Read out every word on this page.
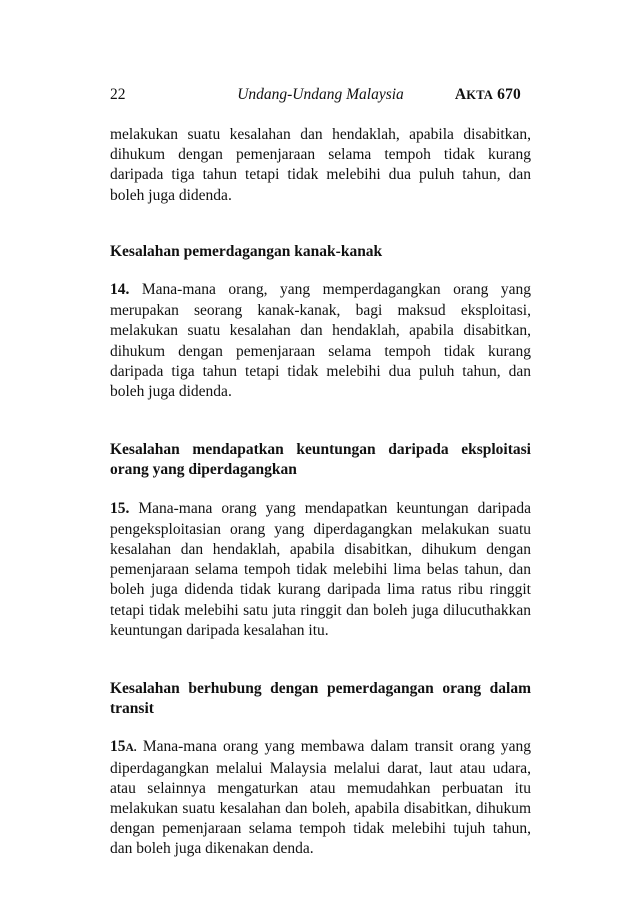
22	Undang-Undang Malaysia	AKTA 670

melakukan suatu kesalahan dan hendaklah, apabila disabitkan, dihukum dengan pemenjaraan selama tempoh tidak kurang daripada tiga tahun tetapi tidak melebihi dua puluh tahun, dan boleh juga didenda.

Kesalahan pemerdagangan kanak-kanak

14. Mana-mana orang, yang memperdagangkan orang yang merupakan seorang kanak-kanak, bagi maksud eksploitasi, melakukan suatu kesalahan dan hendaklah, apabila disabitkan, dihukum dengan pemenjaraan selama tempoh tidak kurang daripada tiga tahun tetapi tidak melebihi dua puluh tahun, dan boleh juga didenda.

Kesalahan mendapatkan keuntungan daripada eksploitasi orang yang diperdagangkan

15. Mana-mana orang yang mendapatkan keuntungan daripada pengeksploitasian orang yang diperdagangkan melakukan suatu kesalahan dan hendaklah, apabila disabitkan, dihukum dengan pemenjaraan selama tempoh tidak melebihi lima belas tahun, dan boleh juga didenda tidak kurang daripada lima ratus ribu ringgit tetapi tidak melebihi satu juta ringgit dan boleh juga dilucuthakkan keuntungan daripada kesalahan itu.

Kesalahan berhubung dengan pemerdagangan orang dalam transit

15A. Mana-mana orang yang membawa dalam transit orang yang diperdagangkan melalui Malaysia melalui darat, laut atau udara, atau selainnya mengaturkan atau memudahkan perbuatan itu melakukan suatu kesalahan dan boleh, apabila disabitkan, dihukum dengan pemenjaraan selama tempoh tidak melebihi tujuh tahun, dan boleh juga dikenakan denda.
